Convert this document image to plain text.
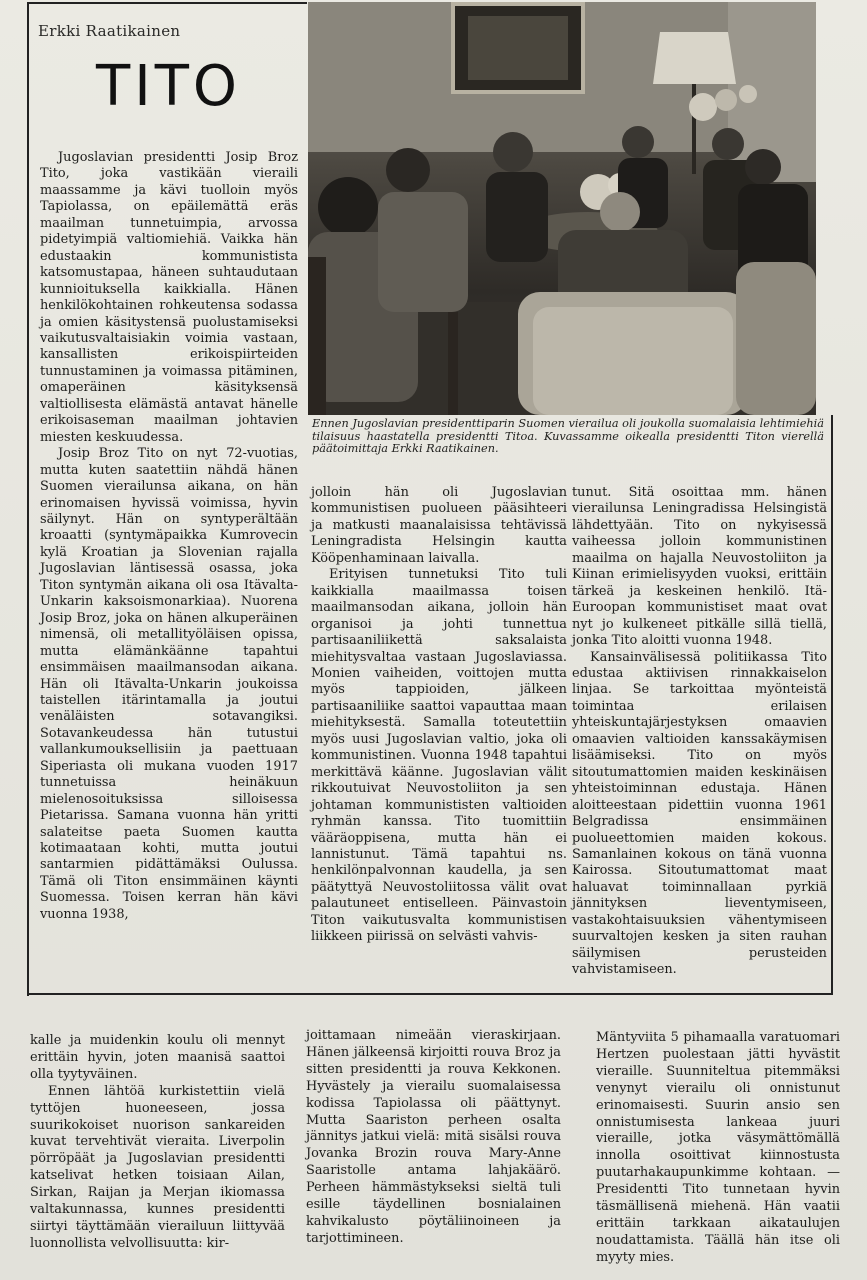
Erkki Raatikainen
TITO
Ennen Jugoslavian presidenttiparin Suomen vierailua oli joukolla suomalaisia lehtimiehiä tilaisuus haastatella presidentti Titoa. Kuvassamme oikealla presidentti Titon vierellä päätoimittaja Erkki Raatikainen.

Jugoslavian presidentti Josip Broz Tito, joka vastikään vieraili maassamme ja kävi tuolloin myös Tapiolassa, on epäilemättä eräs maailman tunnetuimpia, arvossa pidetyimpiä valtiomiehiä. Vaikka hän edustaakin kommunistista katsomustapaa, häneen suhtaudutaan kunnioituksella kaikkialla. Hänen henkilökohtainen rohkeutensa sodassa ja omien käsitystensä puolustamiseksi vaikutusvaltaisiakin voimia vastaan, kansallisten erikoispiirteiden tunnustaminen ja voimassa pitäminen, omaperäinen käsityksensä valtiollisesta elämästä antavat hänelle erikoisaseman maailman johtavien miesten keskuudessa.

Josip Broz Tito on nyt 72-vuotias, mutta kuten saatettiin nähdä hänen Suomen vierailunsa aikana, on hän erinomaisen hyvissä voimissa, hyvin säilynyt. Hän on syntyperältään kroaatti (syntymäpaikka Kumrovecin kylä Kroatian ja Slovenian rajalla Jugoslavian läntisessä osassa, joka Titon syntymän aikana oli osa Itävalta-Unkarin kaksoismonarkiaa). Nuorena Josip Broz, joka on hänen alkuperäinen nimensä, oli metallityöläisen opissa, mutta elämänkäänne tapahtui ensimmäisen maailmansodan aikana. Hän oli Itävalta-Unkarin joukoissa taistellen itärintamalla ja joutui venäläisten sotavangiksi. Sotavankeudessa hän tutustui vallankumouksellisiin ja paettuaan Siperiasta oli mukana vuoden 1917 tunnetuissa heinäkuun mielenosoituksissa silloisessa Pietarissa. Samana vuonna hän yritti salateitse paeta Suomen kautta kotimaataan kohti, mutta joutui santarmien pidättämäksi Oulussa. Tämä oli Titon ensimmäinen käynti Suomessa. Toisen kerran hän kävi vuonna 1938,

jolloin hän oli Jugoslavian kommunistisen puolueen pääsihteeri ja matkusti maanalaisissa tehtävissä Leningradista Helsingin kautta Kööpenhaminaan laivalla.

Erityisen tunnetuksi Tito tuli kaikkialla maailmassa toisen maailmansodan aikana, jolloin hän organisoi ja johti tunnettua partisaaniliikettä saksalaista miehitysvaltaa vastaan Jugoslaviassa. Monien vaiheiden, voittojen mutta myös tappioiden, jälkeen partisaaniliike saattoi vapauttaa maan miehityksestä. Samalla toteutettiin myös uusi Jugoslavian valtio, joka oli kommunistinen. Vuonna 1948 tapahtui merkittävä käänne. Jugoslavian välit rikkoutuivat Neuvostoliiton ja sen johtaman kommunististen valtioiden ryhmän kanssa. Tito tuomittiin vääräoppisena, mutta hän ei lannistunut. Tämä tapahtui ns. henkilönpalvonnan kaudella, ja sen päätyttyä Neuvostoliitossa välit ovat palautuneet entiselleen. Päinvastoin Titon vaikutusvalta kommunistisen liikkeen piirissä on selvästi vahvis-

tunut. Sitä osoittaa mm. hänen vierailunsa Leningradissa Helsingistä lähdettyään. Tito on nykyisessä vaiheessa jolloin kommunistinen maailma on hajalla Neuvostoliiton ja Kiinan erimielisyyden vuoksi, erittäin tärkeä ja keskeinen henkilö. Itä-Euroopan kommunistiset maat ovat nyt jo kulkeneet pitkälle sillä tiellä, jonka Tito aloitti vuonna 1948.

Kansainvälisessä politiikassa Tito edustaa aktiivisen rinnakkaiselon linjaa. Se tarkoittaa myönteistä toimintaa erilaisen yhteiskuntajärjestyksen omaavien omaavien valtioiden kanssakäymisen lisäämiseksi. Tito on myös sitoutumattomien maiden keskinäisen yhteistoiminnan edustaja. Hänen aloitteestaan pidettiin vuonna 1961 Belgradissa ensimmäinen puolueettomien maiden kokous. Samanlainen kokous on tänä vuonna Kairossa. Sitoutumattomat maat haluavat toiminnallaan pyrkiä jännityksen lieventymiseen, vastakohtaisuuksien vähentymiseen suurvaltojen kesken ja siten rauhan säilymisen perusteiden vahvistamiseen.

kalle ja muidenkin koulu oli mennyt erittäin hyvin, joten maanisä saattoi olla tyytyväinen.

Ennen lähtöä kurkistettiin vielä tyttöjen huoneeseen, jossa suurikokoiset nuorison sankareiden kuvat tervehtivät vieraita. Liverpolin pörröpäät ja Jugoslavian presidentti katselivat hetken toisiaan Ailan, Sirkan, Raijan ja Merjan ikiomassa valtakunnassa, kunnes presidentti siirtyi täyttämään vierailuun liittyvää luonnollista velvollisuutta: kir-

joittamaan nimeään vieraskirjaan. Hänen jälkeensä kirjoitti rouva Broz ja sitten presidentti ja rouva Kekkonen. Hyvästely ja vierailu suomalaisessa kodissa Tapiolassa oli päättynyt. Mutta Saariston perheen osalta jännitys jatkui vielä: mitä sisälsi rouva Jovanka Brozin rouva Mary-Anne Saaristolle antama lahjakäärö. Perheen hämmästykseksi sieltä tuli esille täydellinen bosnialainen kahvikalusto pöytäliinoineen ja tarjottimineen.

Mäntyviita 5 pihamaalla varatuomari Hertzen puolestaan jätti hyvästit vieraille. Suunniteltua pitemmäksi venynyt vierailu oli onnistunut erinomaisesti. Suurin ansio sen onnistumisesta lankeaa juuri vieraille, jotka väsymättömällä innolla osoittivat kiinnostusta puutarhakaupunkimme kohtaan. — Presidentti Tito tunnetaan hyvin täsmällisenä miehenä. Hän vaatii erittäin tarkkaan aikataulujen noudattamista. Täällä hän itse oli myyty mies.
